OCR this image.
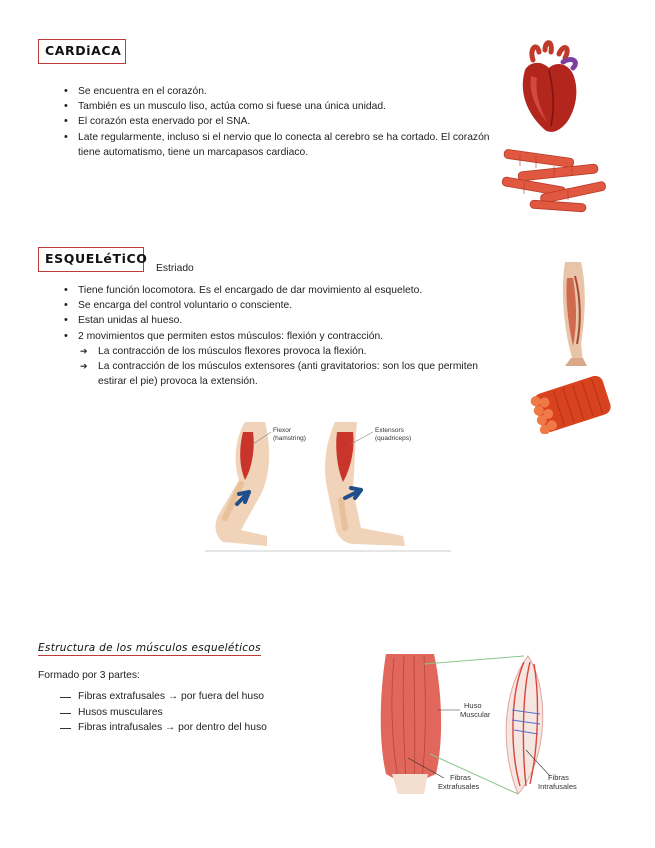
CARDiACA
• Se encuentra en el corazón.
• También es un musculo liso, actúa como si fuese una única unidad.
• El corazón esta enervado por el SNA.
• Late regularmente, incluso si el nervio que lo conecta al cerebro se ha cortado. El corazón tiene automatismo, tiene un marcapasos cardiaco.
ESQUELéTiCO
Estriado
• Tiene función locomotora. Es el encargado de dar movimiento al esqueleto.
• Se encarga del control voluntario o consciente.
• Estan unidas al hueso.
• 2 movimientos que permiten estos músculos: flexión y contracción.
➔ La contracción de los músculos flexores provoca la flexión.
➔ La contracción de los músculos extensores (anti gravitatorios: son los que permiten estirar el pie) provoca la extensión.
Flexor
(hamstring)
Extensors
(quadriceps)
Estructura de los músculos esqueléticos
Formado por 3 partes:
Fibras extrafusales → por fuera del huso
Husos musculares
Fibras intrafusales → por dentro del huso
Huso
Muscular
Fibras
Extrafusales
Fibras
Intrafusales
